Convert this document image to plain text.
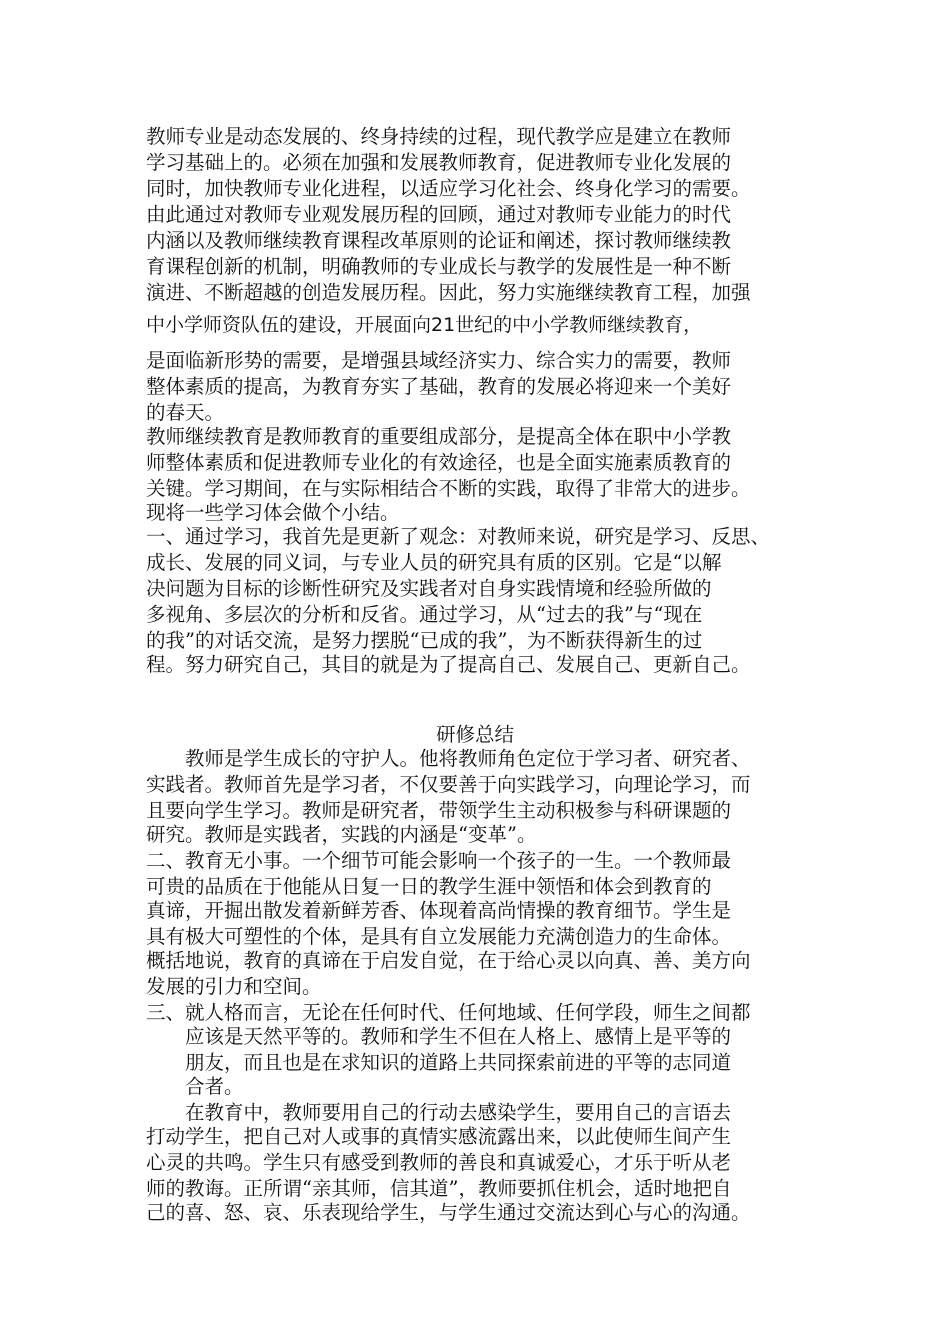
教师专业是动态发展的、终身持续的过程，现代教学应是建立在教师
学习基础上的。必须在加强和发展教师教育，促进教师专业化发展的
同时，加快教师专业化进程，以适应学习化社会、终身化学习的需要。
由此通过对教师专业观发展历程的回顾，通过对教师专业能力的时代
内涵以及教师继续教育课程改革原则的论证和阐述，探讨教师继续教
育课程创新的机制，明确教师的专业成长与教学的发展性是一种不断
演进、不断超越的创造发展历程。因此，努力实施继续教育工程，加强
中小学师资队伍的建设，开展面向21世纪的中小学教师继续教育，
是面临新形势的需要，是增强县域经济实力、综合实力的需要，教师
整体素质的提高，为教育夯实了基础，教育的发展必将迎来一个美好
的春天。
教师继续教育是教师教育的重要组成部分，是提高全体在职中小学教
师整体素质和促进教师专业化的有效途径，也是全面实施素质教育的
关键。学习期间，在与实际相结合不断的实践，取得了非常大的进步。
现将一些学习体会做个小结。
一、通过学习，我首先是更新了观念：对教师来说，研究是学习、反思、
成长、发展的同义词，与专业人员的研究具有质的区别。它是“以解
决问题为目标的诊断性研究及实践者对自身实践情境和经验所做的
多视角、多层次的分析和反省。通过学习，从“过去的我”与“现在
的我”的对话交流，是努力摆脱“已成的我”，为不断获得新生的过
程。努力研究自己，其目的就是为了提高自己、发展自己、更新自己。
研修总结
　　教师是学生成长的守护人。他将教师角色定位于学习者、研究者、
实践者。教师首先是学习者，不仅要善于向实践学习，向理论学习，而
且要向学生学习。教师是研究者，带领学生主动积极参与科研课题的
研究。教师是实践者，实践的内涵是“变革”。
二、教育无小事。一个细节可能会影响一个孩子的一生。一个教师最
可贵的品质在于他能从日复一日的教学生涯中领悟和体会到教育的
真谛，开掘出散发着新鲜芳香、体现着高尚情操的教育细节。学生是
具有极大可塑性的个体，是具有自立发展能力充满创造力的生命体。
概括地说，教育的真谛在于启发自觉，在于给心灵以向真、善、美方向
发展的引力和空间。
三、就人格而言，无论在任何时代、任何地域、任何学段，师生之间都
　　应该是天然平等的。教师和学生不但在人格上、感情上是平等的
　　朋友，而且也是在求知识的道路上共同探索前进的平等的志同道
　　合者。
　　在教育中，教师要用自己的行动去感染学生，要用自己的言语去
打动学生，把自己对人或事的真情实感流露出来，以此使师生间产生
心灵的共鸣。学生只有感受到教师的善良和真诚爱心，才乐于听从老
师的教诲。正所谓“亲其师，信其道”，教师要抓住机会，适时地把自
己的喜、怒、哀、乐表现给学生，与学生通过交流达到心与心的沟通。
